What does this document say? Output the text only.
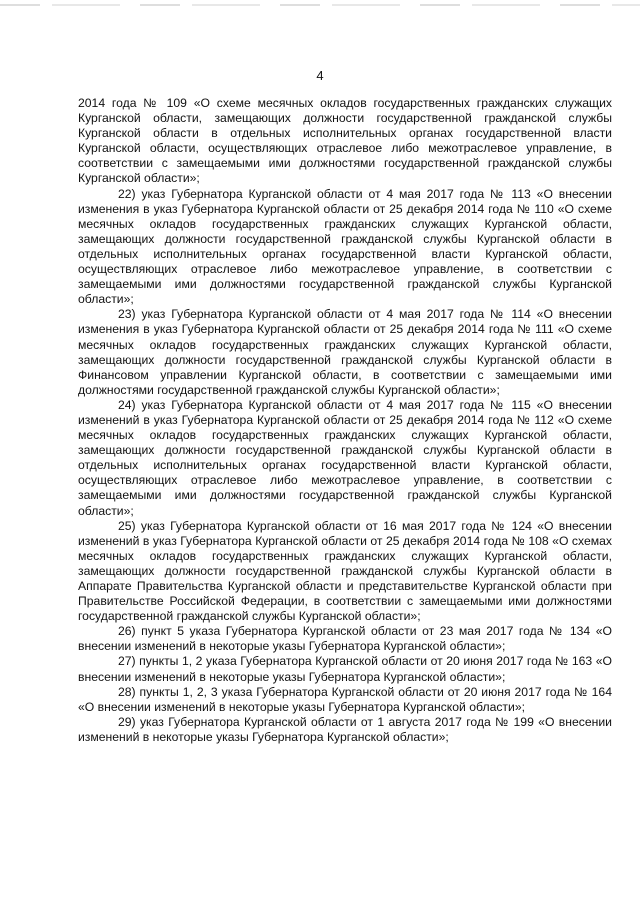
4

2014 года № 109 «О схеме месячных окладов государственных гражданских служащих Курганской области, замещающих должности государственной гражданской службы Курганской области в отдельных исполнительных органах государственной власти Курганской области, осуществляющих отраслевое либо межотраслевое управление, в соответствии с замещаемыми ими должностями государственной гражданской службы Курганской области»;

22) указ Губернатора Курганской области от 4 мая 2017 года № 113 «О внесении изменения в указ Губернатора Курганской области от 25 декабря 2014 года № 110 «О схеме месячных окладов государственных гражданских служащих Курганской области, замещающих должности государственной гражданской службы Курганской области в отдельных исполнительных органах государственной власти Курганской области, осуществляющих отраслевое либо межотраслевое управление, в соответствии с замещаемыми ими должностями государственной гражданской службы Курганской области»;

23) указ Губернатора Курганской области от 4 мая 2017 года № 114 «О внесении изменения в указ Губернатора Курганской области от 25 декабря 2014 года № 111 «О схеме месячных окладов государственных гражданских служащих Курганской области, замещающих должности государственной гражданской службы Курганской области в Финансовом управлении Курганской области, в соответствии с замещаемыми ими должностями государственной гражданской службы Курганской области»;

24) указ Губернатора Курганской области от 4 мая 2017 года № 115 «О внесении изменений в указ Губернатора Курганской области от 25 декабря 2014 года № 112 «О схеме месячных окладов государственных гражданских служащих Курганской области, замещающих должности государственной гражданской службы Курганской области в отдельных исполнительных органах государственной власти Курганской области, осуществляющих отраслевое либо межотраслевое управление, в соответствии с замещаемыми ими должностями государственной гражданской службы Курганской области»;

25) указ Губернатора Курганской области от 16 мая 2017 года № 124 «О внесении изменений в указ Губернатора Курганской области от 25 декабря 2014 года № 108 «О схемах месячных окладов государственных гражданских служащих Курганской области, замещающих должности государственной гражданской службы Курганской области в Аппарате Правительства Курганской области и представительстве Курганской области при Правительстве Российской Федерации, в соответствии с замещаемыми ими должностями государственной гражданской службы Курганской области»;

26) пункт 5 указа Губернатора Курганской области от 23 мая 2017 года № 134 «О внесении изменений в некоторые указы Губернатора Курганской области»;

27) пункты 1, 2 указа Губернатора Курганской области от 20 июня 2017 года № 163 «О внесении изменений в некоторые указы Губернатора Курганской области»;

28) пункты 1, 2, 3 указа Губернатора Курганской области от 20 июня 2017 года № 164 «О внесении изменений в некоторые указы Губернатора Курганской области»;

29) указ Губернатора Курганской области от 1 августа 2017 года № 199 «О внесении изменений в некоторые указы Губернатора Курганской области»;
